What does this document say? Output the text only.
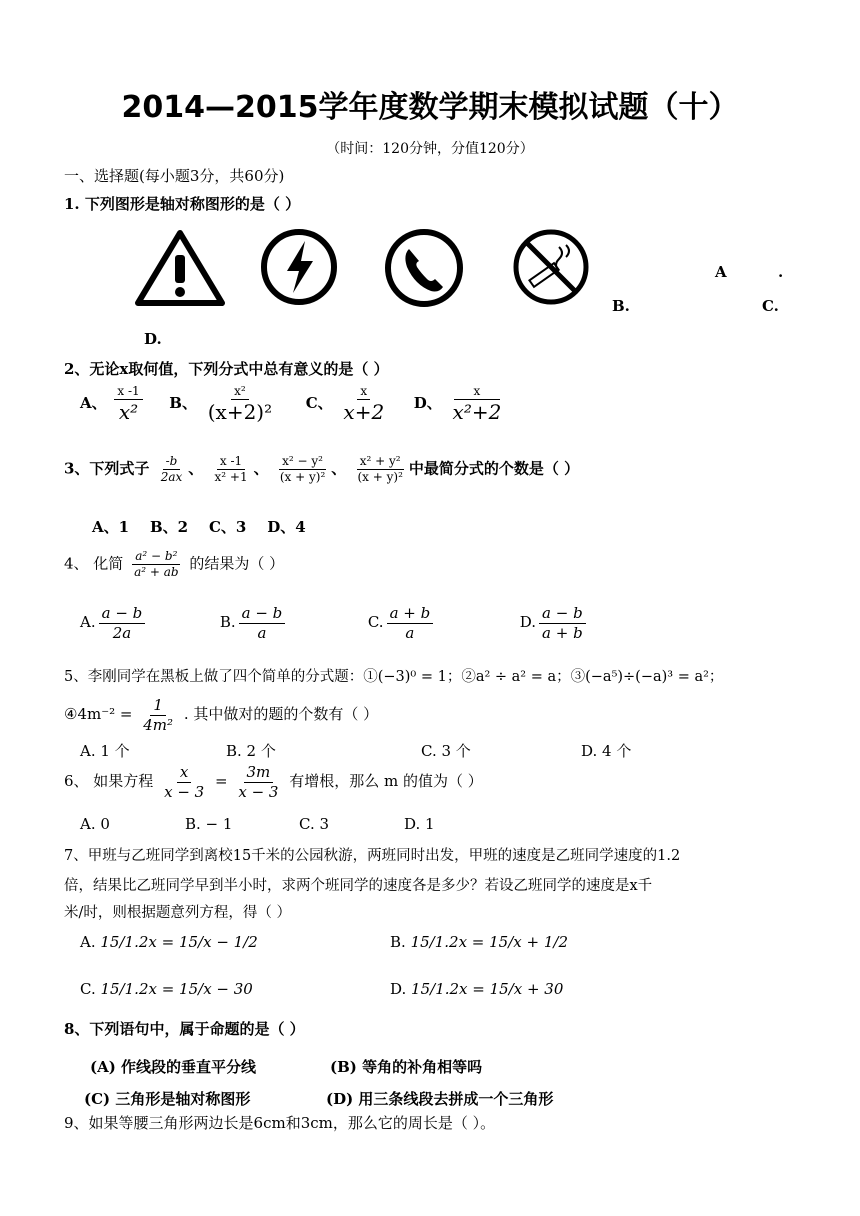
2014—2015学年度数学期末模拟试题（十）
（时间：120分钟，分值120分）
一、选择题(每小题3分，共60分)
1. 下列图形是轴对称图形的是（ ）
A	.
B.	C.
D.
2、无论x取何值，下列分式中总有意义的是（ ）
A、 $\frac{x -1}{\text{x²}}$ B、 $\frac{\text{x²}}{\text{(x+2)²}}$ C、 $\frac{x}{x+2}$ D、 $\frac{x}{\text{x²+2}}$
3、下列式子 $\frac{-b}{2ax}$ 、 $\frac{x -1}{\text{x² +1}}$ 、 $\frac{\text{x² − y²}}{\text{(x + y)²}}$ 、 $\frac{\text{x² + y²}}{\text{(x + y)²}}$ 中最简分式的个数是（ ）
A、1    B、2    C、3    D、4
4、 化简 $\frac{\text{a² − b²}}{\text{a² + ab}}$ 的结果为（ ）
A. $\frac{a - b}{2a}$	B. $\frac{a - b}{a}$	C. $\frac{a + b}{a}$	D. $\frac{a - b}{a + b}$
5、李刚同学在黑板上做了四个简单的分式题：①(−3)⁰ = 1；②a² ÷ a² = a；③(−a⁵)÷(−a)³ = a²；
④4m⁻² = $\frac{1}{\text{4m²}}$ . 其中做对的题的个数有（ ）
A. 1 个	B. 2 个	C. 3 个	D. 4 个
6、 如果方程 $\frac{x}{x - 3} = \frac{3m}{x - 3}$ 有增根，那么 m 的值为（ ）
A. 0	B. − 1	C. 3	D. 1
7、甲班与乙班同学到离校15千米的公园秋游，两班同时出发，甲班的速度是乙班同学速度的1.2
倍，结果比乙班同学早到半小时，求两个班同学的速度各是多少？若设乙班同学的速度是x千
米/时，则根据题意列方程，得（ ）
A. 15/1.2x = 15/x − 1/2	B. 15/1.2x = 15/x + 1/2
C. 15/1.2x = 15/x − 30	D. 15/1.2x = 15/x + 30
8、下列语句中，属于命题的是（ ）
(A) 作线段的垂直平分线	(B) 等角的补角相等吗
(C) 三角形是轴对称图形	(D) 用三条线段去拼成一个三角形
9、如果等腰三角形两边长是6cm和3cm，那么它的周长是（ ）。
